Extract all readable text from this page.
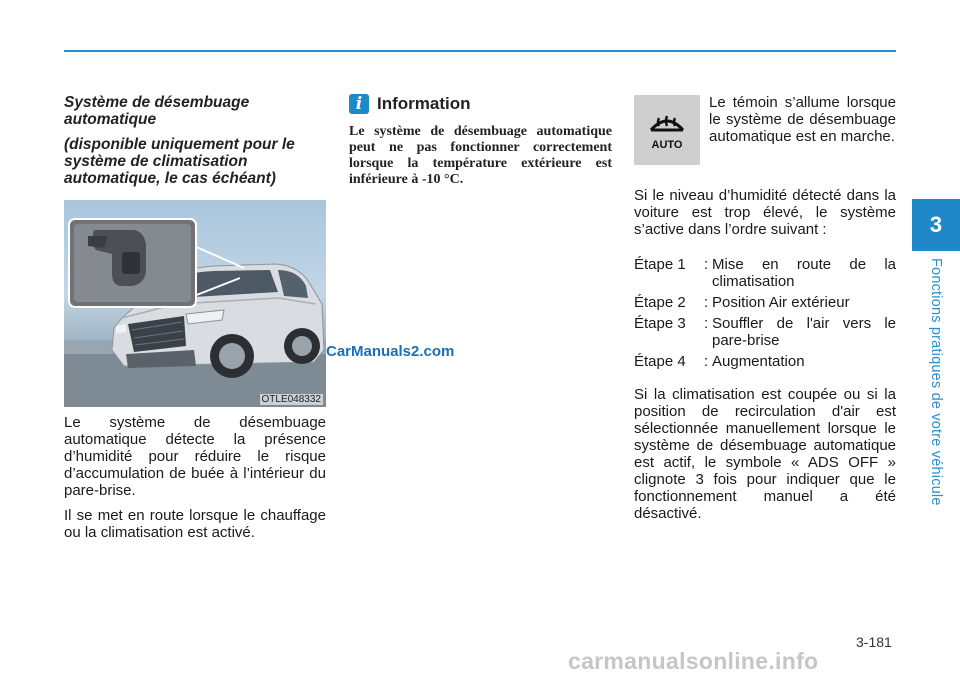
Système de désembuage automatique

(disponible uniquement pour le système de climatisation automatique, le cas échéant)

OTLE048332
CarManuals2.com

Le système de désembuage automatique détecte la présence d’humidité pour réduire le risque d’accumulation de buée à l’intérieur du pare-brise.

Il se met en route lorsque le chauffage ou la climatisation est activé.

i Information

Le système de désembuage automatique peut ne pas fonctionner correctement lorsque la température extérieure est inférieure à -10 °C.

AUTO

Le témoin s’allume lorsque le système de désembuage automatique est en marche.

Si le niveau d’humidité détecté dans la voiture est trop élevé, le système s’active dans l’ordre suivant :

Étape 1	: Mise en route de la climatisation
Étape 2	: Position Air extérieur
Étape 3	: Souffler de l'air vers le pare-brise
Étape 4	: Augmentation

Si la climatisation est coupée ou si la position de recirculation d'air est sélectionnée manuellement lorsque le système de désembuage automatique est actif, le symbole « ADS OFF » clignote 3 fois pour indiquer que le fonctionnement manuel a été désactivé.

3
Fonctions pratiques de votre véhicule
3-181
carmanualsonline.info
